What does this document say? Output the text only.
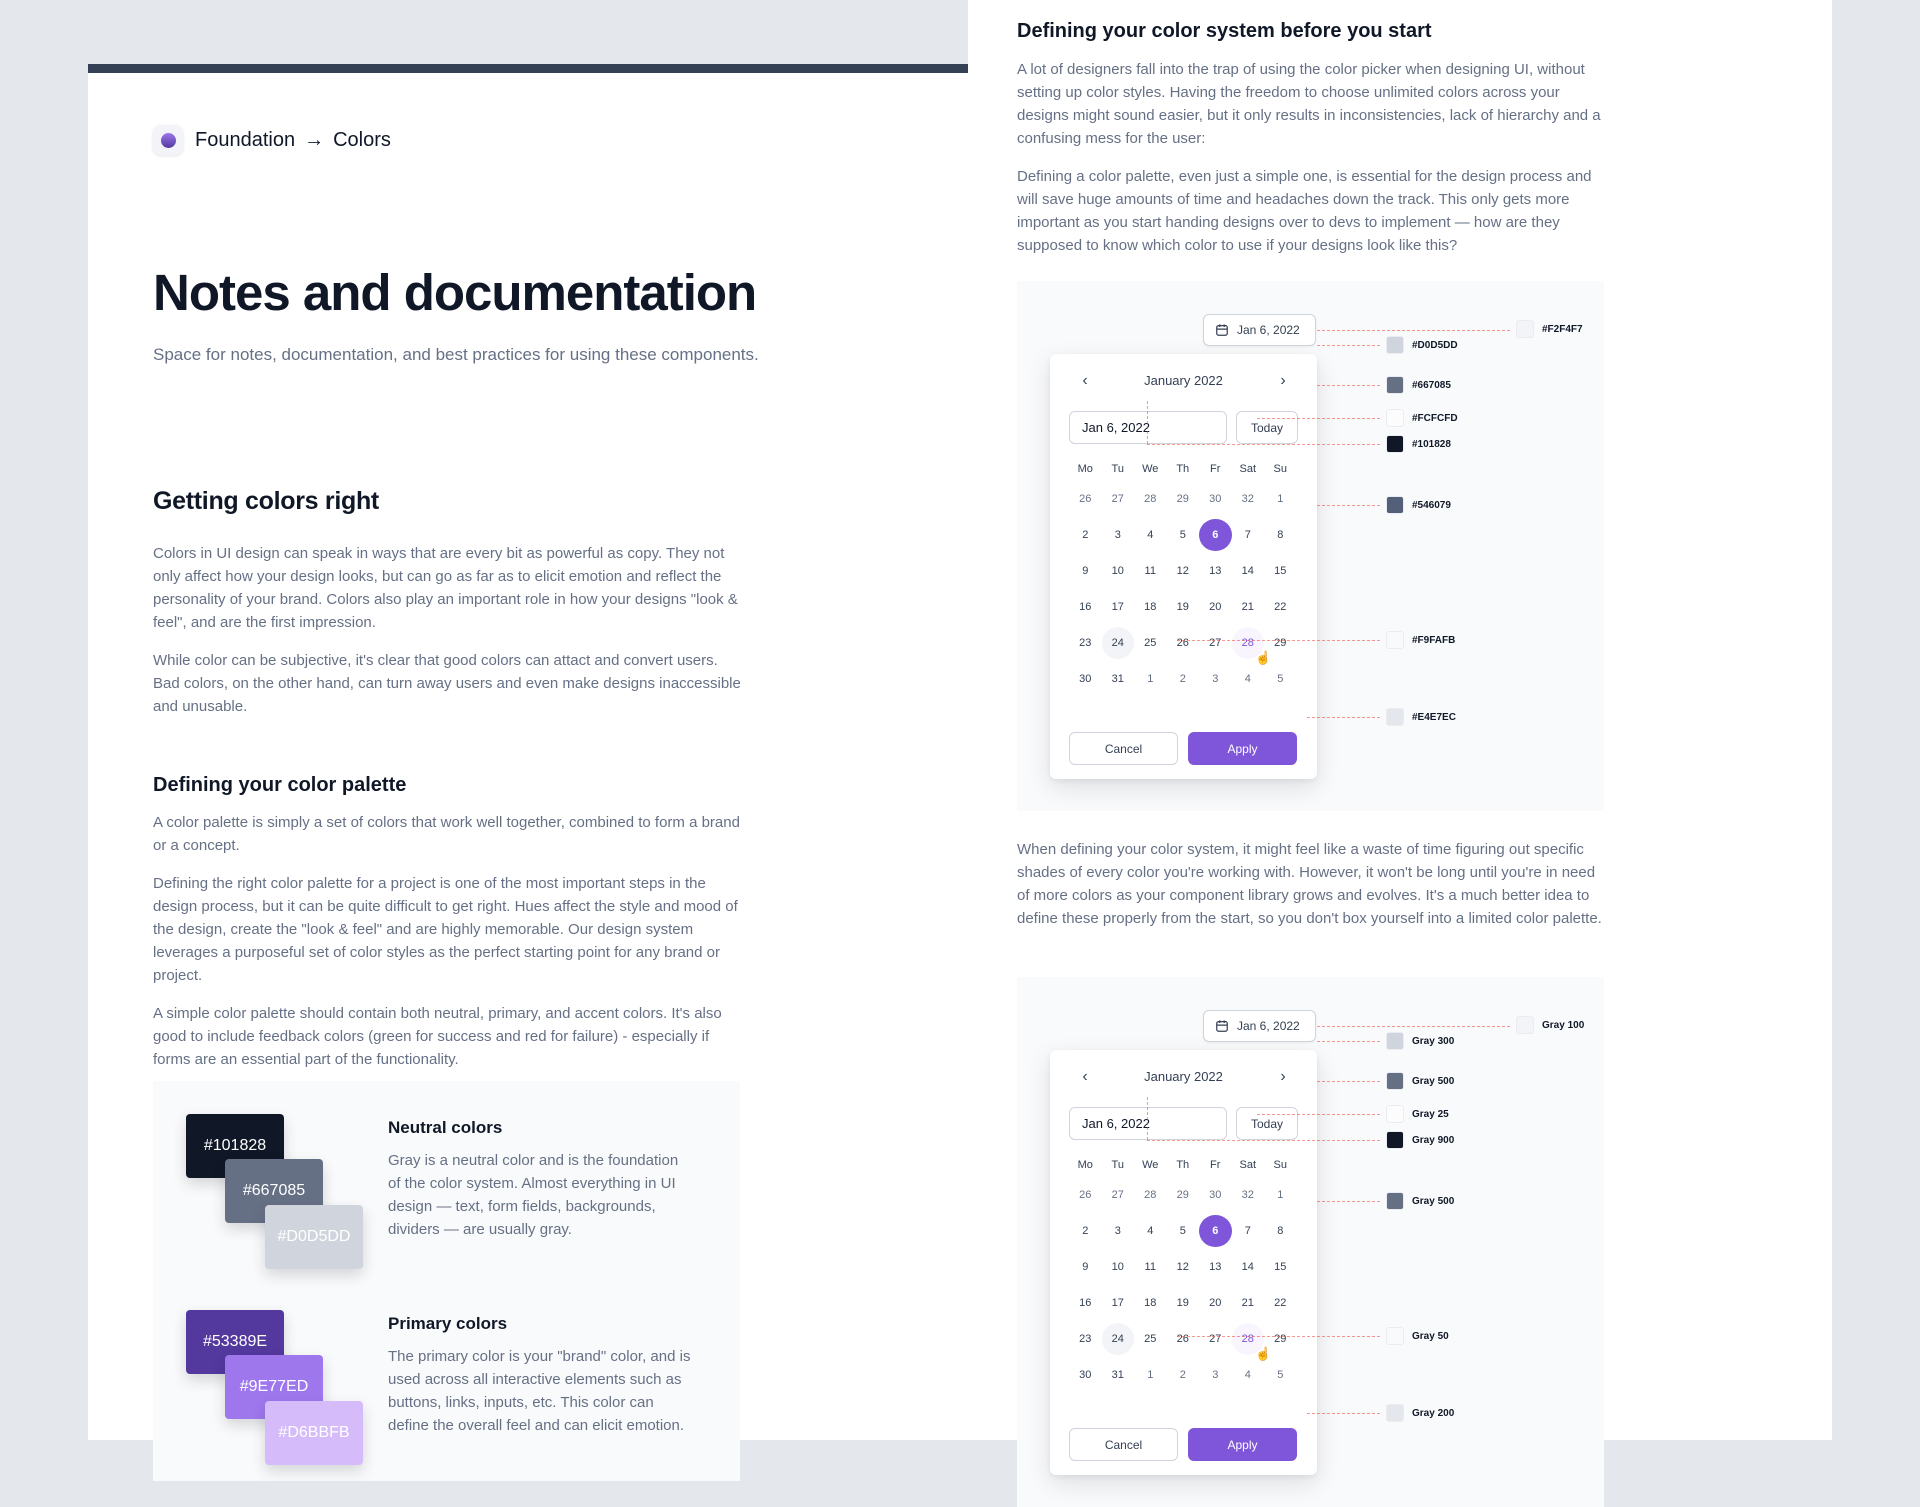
Foundation → Colors
Notes and documentation

Space for notes, documentation, and best practices for using these components.

Getting colors right

Colors in UI design can speak in ways that are every bit as powerful as copy. They not only affect how your design looks, but can go as far as to elicit emotion and reflect the personality of your brand. Colors also play an important role in how your designs "look & feel", and are the first impression.

While color can be subjective, it's clear that good colors can attact and convert users. Bad colors, on the other hand, can turn away users and even make designs inaccessible and unusable.

Defining your color palette

A color palette is simply a set of colors that work well together, combined to form a brand or a concept.

Defining the right color palette for a project is one of the most important steps in the design process, but it can be quite difficult to get right. Hues affect the style and mood of the design, create the "look & feel" and are highly memorable. Our design system leverages a purposeful set of color styles as the perfect starting point for any brand or project.

A simple color palette should contain both neutral, primary, and accent colors. It's also good to include feedback colors (green for success and red for failure) - especially if forms are an essential part of the functionality.

#101828
#667085
#D0D5DD
Neutral colors
Gray is a neutral color and is the foundation of the color system. Almost everything in UI design — text, form fields, backgrounds, dividers — are usually gray.
#53389E
#9E77ED
#D6BBFB
Primary colors
The primary color is your "brand" color, and is used across all interactive elements such as buttons, links, inputs, etc. This color can define the overall feel and can elicit emotion.
Defining your color system before you start

A lot of designers fall into the trap of using the color picker when designing UI, without setting up color styles. Having the freedom to choose unlimited colors across your designs might sound easier, but it only results in inconsistencies, lack of hierarchy and a confusing mess for the user:

Defining a color palette, even just a simple one, is essential for the design process and will save huge amounts of time and headaches down the track. This only gets more important as you start handing designs over to devs to implement — how are they supposed to know which color to use if your designs look like this?

Jan 6, 2022
‹	January 2022	›
Jan 6, 2022	Today
Mo	Tu	We	Th	Fr	Sat	Su
26	27	28	29	30	32	1
2	3	4	5	6	7	8
9	10	11	12	13	14	15
16	17	18	19	20	21	22
23	24	25	26	27	28	29
30	31	1	2	3	4	5
Cancel	Apply
#F2F4F7
#D0D5DD
#667085
#FCFCFD
#101828
#546079
#F9FAFB
#E4E7EC
☝

When defining your color system, it might feel like a waste of time figuring out specific shades of every color you're working with. However, it won't be long until you're in need of more colors as your component library grows and evolves. It's a much better idea to define these properly from the start, so you don't box yourself into a limited color palette.

Jan 6, 2022
‹	January 2022	›
Jan 6, 2022	Today
Mo	Tu	We	Th	Fr	Sat	Su
26	27	28	29	30	32	1
2	3	4	5	6	7	8
9	10	11	12	13	14	15
16	17	18	19	20	21	22
23	24	25	26	27	28	29
30	31	1	2	3	4	5
Cancel	Apply
Gray 100
Gray 300
Gray 500
Gray 25
Gray 900
Gray 500
Gray 50
Gray 200
☝
